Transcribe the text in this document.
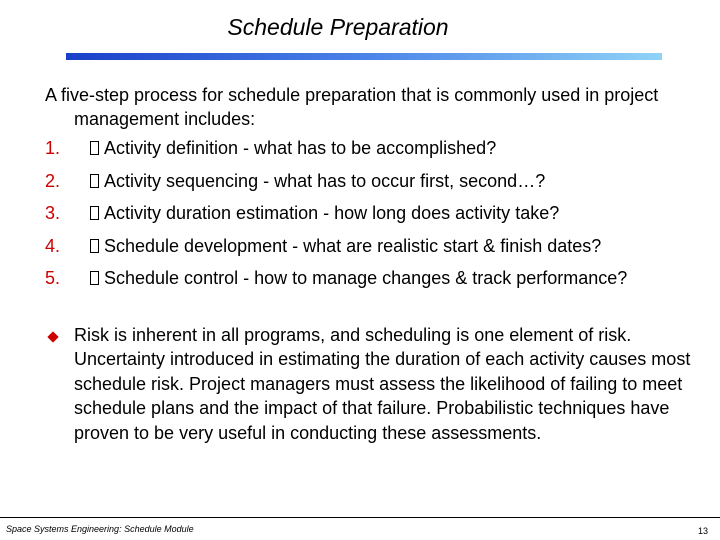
Schedule Preparation
A five-step process for schedule preparation that is commonly used in project management includes:
1. Activity definition - what has to be accomplished?
2. Activity sequencing - what has to occur first, second…?
3. Activity duration estimation - how long does activity take?
4. Schedule development - what are realistic start & finish dates?
5. Schedule control - how to manage changes & track performance?
Risk is inherent in all programs, and scheduling is one element of risk. Uncertainty introduced in estimating the duration of each activity causes most schedule risk. Project managers must assess the likelihood of failing to meet schedule plans and the impact of that failure. Probabilistic techniques have proven to be very useful in conducting these assessments.
Space Systems Engineering: Schedule Module	13
